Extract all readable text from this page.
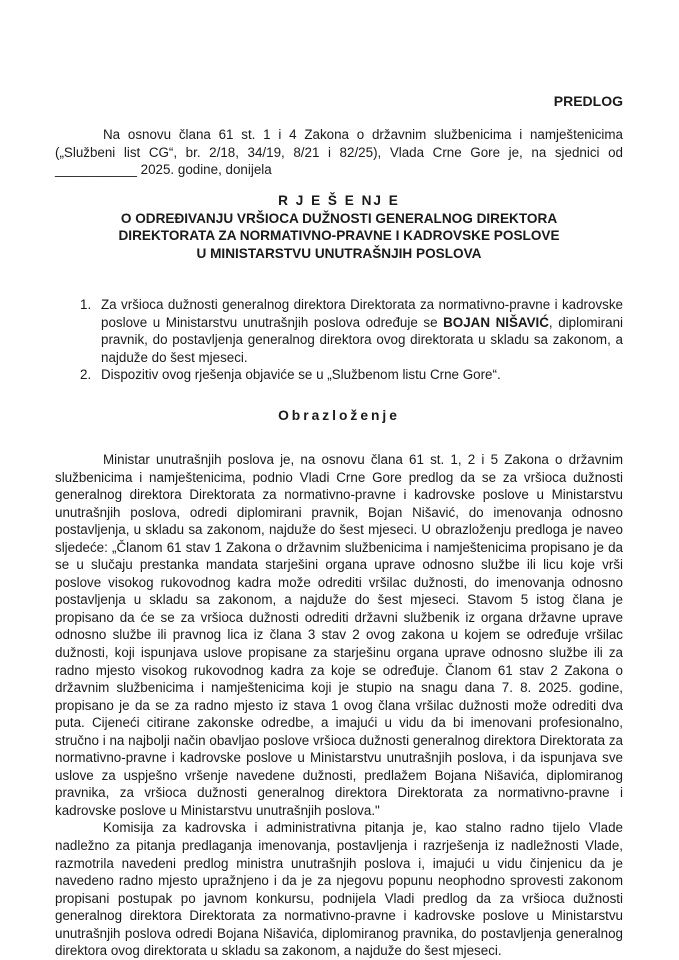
PREDLOG
Na osnovu člana 61 st. 1 i 4 Zakona o državnim službenicima i namještenicima („Službeni list CG“, br. 2/18, 34/19, 8/21 i 82/25), Vlada Crne Gore je, na sjednici od ___________ 2025. godine, donijela
R J E Š E NJ E
O ODREĐIVANJU VRŠIOCA DUŽNOSTI GENERALNOG DIREKTORA
DIREKTORATA ZA NORMATIVNO-PRAVNE I KADROVSKE POSLOVE
U MINISTARSTVU UNUTRAŠNJIH POSLOVA
1. Za vršioca dužnosti generalnog direktora Direktorata za normativno-pravne i kadrovske poslove u Ministarstvu unutrašnjih poslova određuje se BOJAN NIŠAVIĆ, diplomirani pravnik, do postavljenja generalnog direktora ovog direktorata u skladu sa zakonom, a najduže do šest mjeseci.
2. Dispozitiv ovog rješenja objaviće se u „Službenom listu Crne Gore“.
Obrazloženje

Ministar unutrašnjih poslova je, na osnovu člana 61 st. 1, 2 i 5 Zakona o državnim službenicima i namještenicima, podnio Vladi Crne Gore predlog da se za vršioca dužnosti generalnog direktora Direktorata za normativno-pravne i kadrovske poslove u Ministarstvu unutrašnjih poslova, odredi diplomirani pravnik, Bojan Nišavić, do imenovanja odnosno postavljenja, u skladu sa zakonom, najduže do šest mjeseci. U obrazloženju predloga je naveo sljedeće: „Članom 61 stav 1 Zakona o državnim službenicima i namještenicima propisano je da se u slučaju prestanka mandata starješini organa uprave odnosno službe ili licu koje vrši poslove visokog rukovodnog kadra može odrediti vršilac dužnosti, do imenovanja odnosno postavljenja u skladu sa zakonom, a najduže do šest mjeseci. Stavom 5 istog člana je propisano da će se za vršioca dužnosti odrediti državni službenik iz organa državne uprave odnosno službe ili pravnog lica iz člana 3 stav 2 ovog zakona u kojem se određuje vršilac dužnosti, koji ispunjava uslove propisane za starješinu organa uprave odnosno službe ili za radno mjesto visokog rukovodnog kadra za koje se određuje. Članom 61 stav 2 Zakona o državnim službenicima i namještenicima koji je stupio na snagu dana 7. 8. 2025. godine, propisano je da se za radno mjesto iz stava 1 ovog člana vršilac dužnosti može odrediti dva puta. Cijeneći citirane zakonske odredbe, a imajući u vidu da bi imenovani profesionalno, stručno i na najbolji način obavljao poslove vršioca dužnosti generalnog direktora Direktorata za normativno-pravne i kadrovske poslove u Ministarstvu unutrašnjih poslova, i da ispunjava sve uslove za uspješno vršenje navedene dužnosti, predlažem Bojana Nišavića, diplomiranog pravnika, za vršioca dužnosti generalnog direktora Direktorata za normativno-pravne i kadrovske poslove u Ministarstvu unutrašnjih poslova."

Komisija za kadrovska i administrativna pitanja je, kao stalno radno tijelo Vlade nadležno za pitanja predlaganja imenovanja, postavljenja i razrješenja iz nadležnosti Vlade, razmotrila navedeni predlog ministra unutrašnjih poslova i, imajući u vidu činjenicu da je navedeno radno mjesto upražnjeno i da je za njegovu popunu neophodno sprovesti zakonom propisani postupak po javnom konkursu, podnijela Vladi predlog da za vršioca dužnosti generalnog direktora Direktorata za normativno-pravne i kadrovske poslove u Ministarstvu unutrašnjih poslova odredi Bojana Nišavića, diplomiranog pravnika, do postavljenja generalnog direktora ovog direktorata u skladu sa zakonom, a najduže do šest mjeseci.
